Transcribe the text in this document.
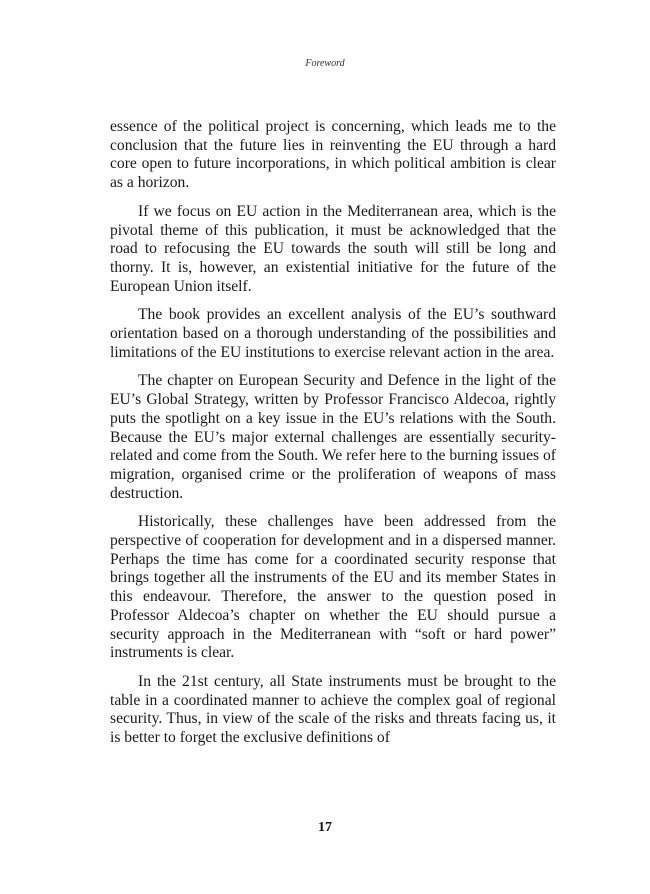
Foreword

essence of the political project is concerning, which leads me to the conclusion that the future lies in reinventing the EU through a hard core open to future incorporations, in which political ambition is clear as a horizon.

If we focus on EU action in the Mediterranean area, which is the pivotal theme of this publication, it must be acknowledged that the road to refocusing the EU towards the south will still be long and thorny. It is, however, an existential initiative for the future of the European Union itself.

The book provides an excellent analysis of the EU’s southward orientation based on a thorough understanding of the possibilities and limitations of the EU institutions to exercise relevant action in the area.

The chapter on European Security and Defence in the light of the EU’s Global Strategy, written by Professor Francisco Aldecoa, rightly puts the spotlight on a key issue in the EU’s relations with the South. Because the EU’s major external challenges are essentially security-related and come from the South. We refer here to the burning issues of migration, organised crime or the proliferation of weapons of mass destruction.

Historically, these challenges have been addressed from the perspective of cooperation for development and in a dispersed manner. Perhaps the time has come for a coordinated security response that brings together all the instruments of the EU and its member States in this endeavour. Therefore, the answer to the question posed in Professor Aldecoa’s chapter on whether the EU should pursue a security approach in the Mediterranean with “soft or hard power” instruments is clear.

In the 21st century, all State instruments must be brought to the table in a coordinated manner to achieve the complex goal of regional security. Thus, in view of the scale of the risks and threats facing us, it is better to forget the exclusive definitions of

17
